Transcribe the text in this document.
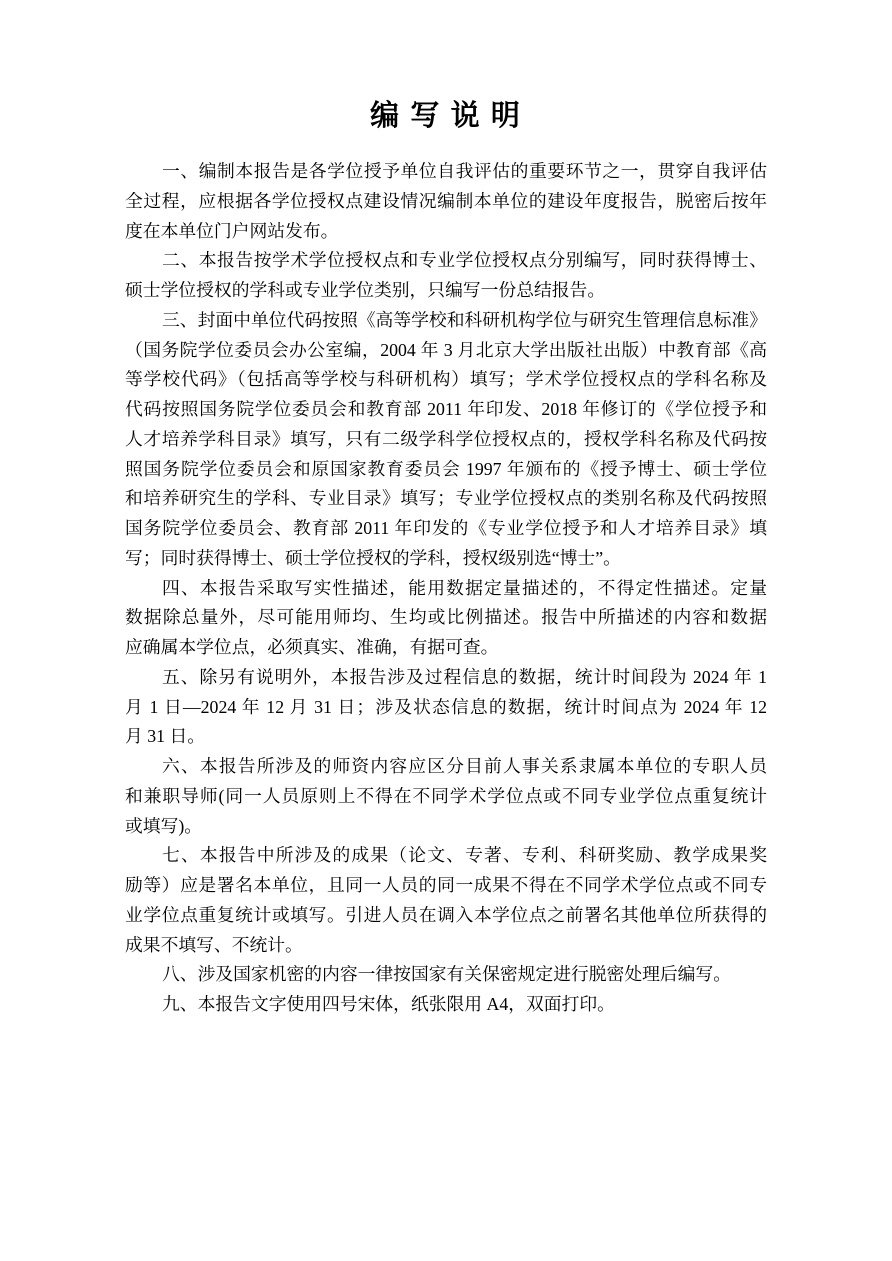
编 写 说 明
一、编制本报告是各学位授予单位自我评估的重要环节之一，贯穿自我评估
全过程，应根据各学位授权点建设情况编制本单位的建设年度报告，脱密后按年
度在本单位门户网站发布。
二、本报告按学术学位授权点和专业学位授权点分别编写，同时获得博士、
硕士学位授权的学科或专业学位类别，只编写一份总结报告。
三、封面中单位代码按照《高等学校和科研机构学位与研究生管理信息标准》
（国务院学位委员会办公室编，2004 年 3 月北京大学出版社出版）中教育部《高
等学校代码》（包括高等学校与科研机构）填写；学术学位授权点的学科名称及
代码按照国务院学位委员会和教育部 2011 年印发、2018 年修订的《学位授予和
人才培养学科目录》填写，只有二级学科学位授权点的，授权学科名称及代码按
照国务院学位委员会和原国家教育委员会 1997 年颁布的《授予博士、硕士学位
和培养研究生的学科、专业目录》填写；专业学位授权点的类别名称及代码按照
国务院学位委员会、教育部 2011 年印发的《专业学位授予和人才培养目录》填
写；同时获得博士、硕士学位授权的学科，授权级别选“博士”。
四、本报告采取写实性描述，能用数据定量描述的，不得定性描述。定量
数据除总量外，尽可能用师均、生均或比例描述。报告中所描述的内容和数据
应确属本学位点，必须真实、准确，有据可查。
五、除另有说明外，本报告涉及过程信息的数据，统计时间段为 2024 年 1
月 1 日—2024 年 12 月 31 日；涉及状态信息的数据，统计时间点为 2024 年 12
月 31 日。
六、本报告所涉及的师资内容应区分目前人事关系隶属本单位的专职人员
和兼职导师(同一人员原则上不得在不同学术学位点或不同专业学位点重复统计
或填写)。
七、本报告中所涉及的成果（论文、专著、专利、科研奖励、教学成果奖
励等）应是署名本单位，且同一人员的同一成果不得在不同学术学位点或不同专
业学位点重复统计或填写。引进人员在调入本学位点之前署名其他单位所获得的
成果不填写、不统计。
八、涉及国家机密的内容一律按国家有关保密规定进行脱密处理后编写。
九、本报告文字使用四号宋体，纸张限用 A4，双面打印。
